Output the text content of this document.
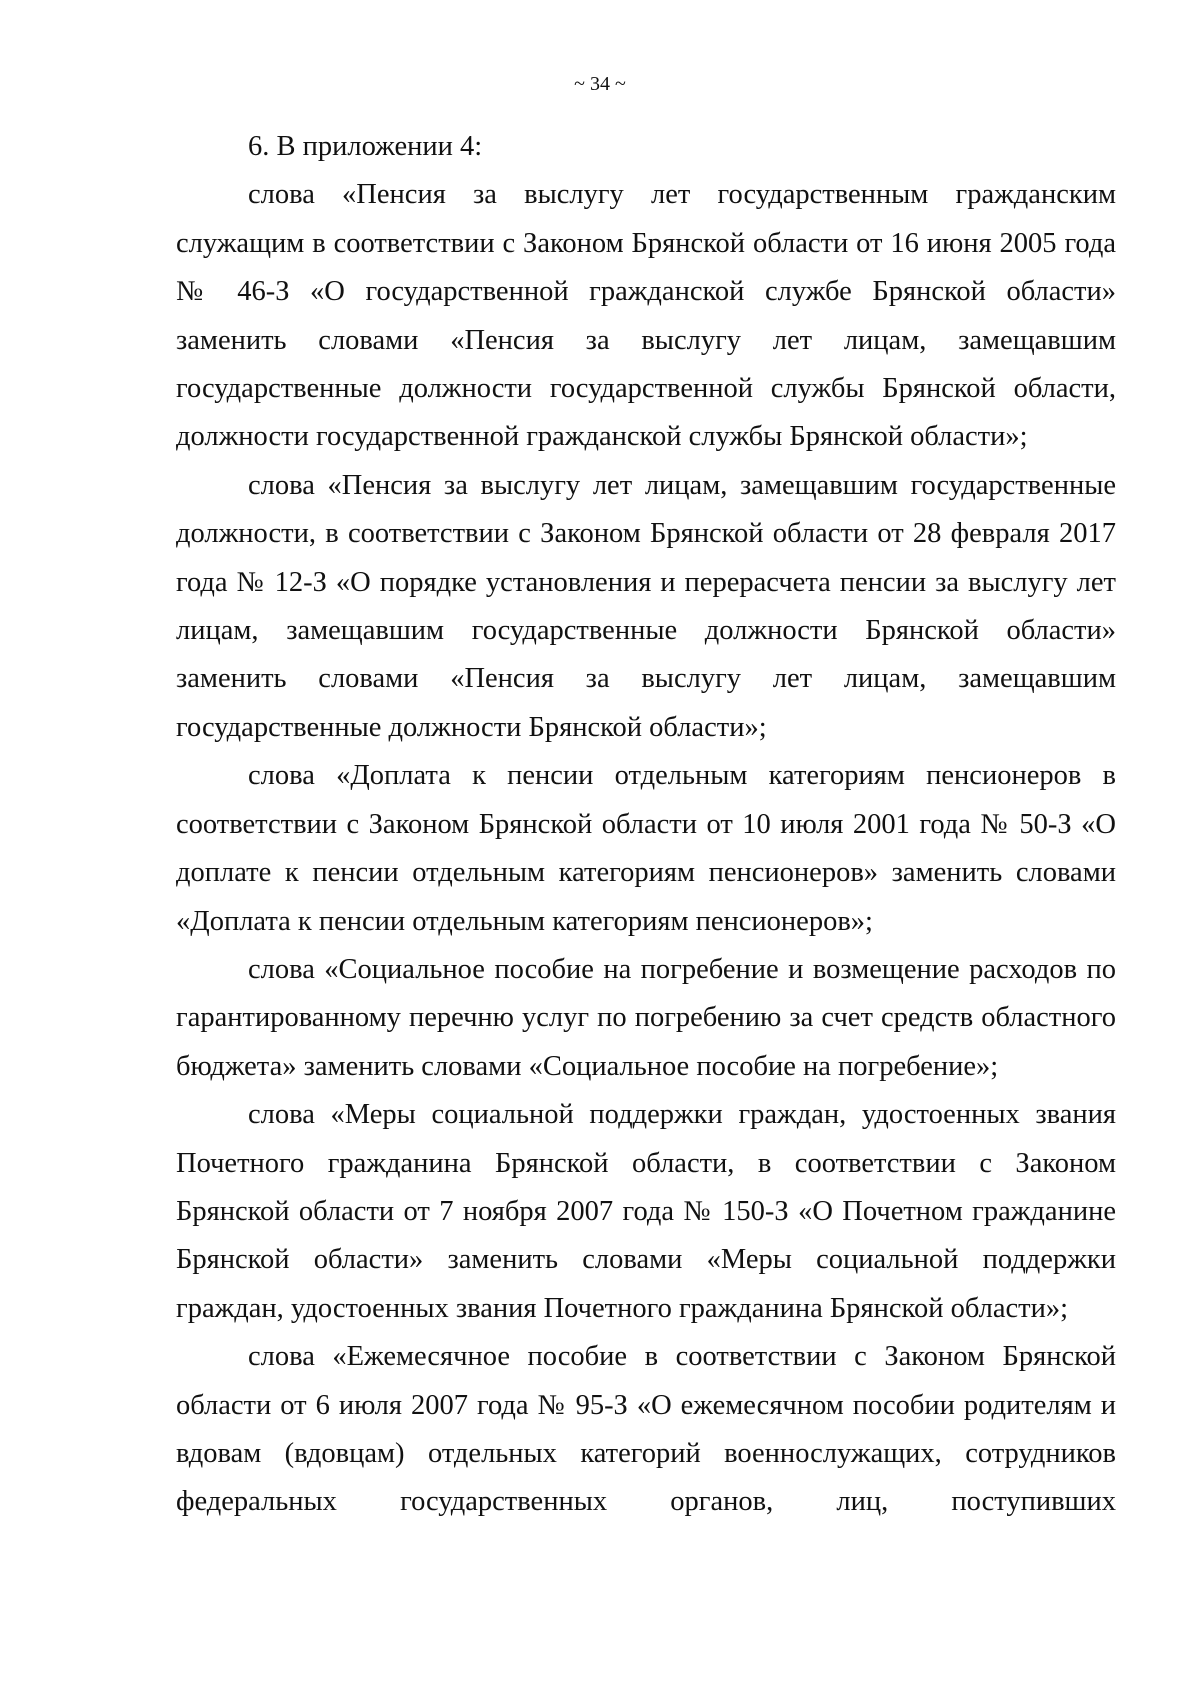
~ 34 ~

6. В приложении 4:

слова «Пенсия за выслугу лет государственным гражданским служащим в соответствии с Законом Брянской области от 16 июня 2005 года № 46-З «О государственной гражданской службе Брянской области» заменить словами «Пенсия за выслугу лет лицам, замещавшим государственные должности государственной службы Брянской области, должности государственной гражданской службы Брянской области»;

слова «Пенсия за выслугу лет лицам, замещавшим государственные должности, в соответствии с Законом Брянской области от 28 февраля 2017 года № 12-З «О порядке установления и перерасчета пенсии за выслугу лет лицам, замещавшим государственные должности Брянской области» заменить словами «Пенсия за выслугу лет лицам, замещавшим государственные должности Брянской области»;

слова «Доплата к пенсии отдельным категориям пенсионеров в соответствии с Законом Брянской области от 10 июля 2001 года № 50-З «О доплате к пенсии отдельным категориям пенсионеров» заменить словами «Доплата к пенсии отдельным категориям пенсионеров»;

слова «Социальное пособие на погребение и возмещение расходов по гарантированному перечню услуг по погребению за счет средств областного бюджета» заменить словами «Социальное пособие на погребение»;

слова «Меры социальной поддержки граждан, удостоенных звания Почетного гражданина Брянской области, в соответствии с Законом Брянской области от 7 ноября 2007 года № 150-З «О Почетном гражданине Брянской области» заменить словами «Меры социальной поддержки граждан, удостоенных звания Почетного гражданина Брянской области»;

слова «Ежемесячное пособие в соответствии с Законом Брянской области от 6 июля 2007 года № 95-З «О ежемесячном пособии родителям и вдовам (вдовцам) отдельных категорий военнослужащих, сотрудников федеральных государственных органов, лиц, поступивших
